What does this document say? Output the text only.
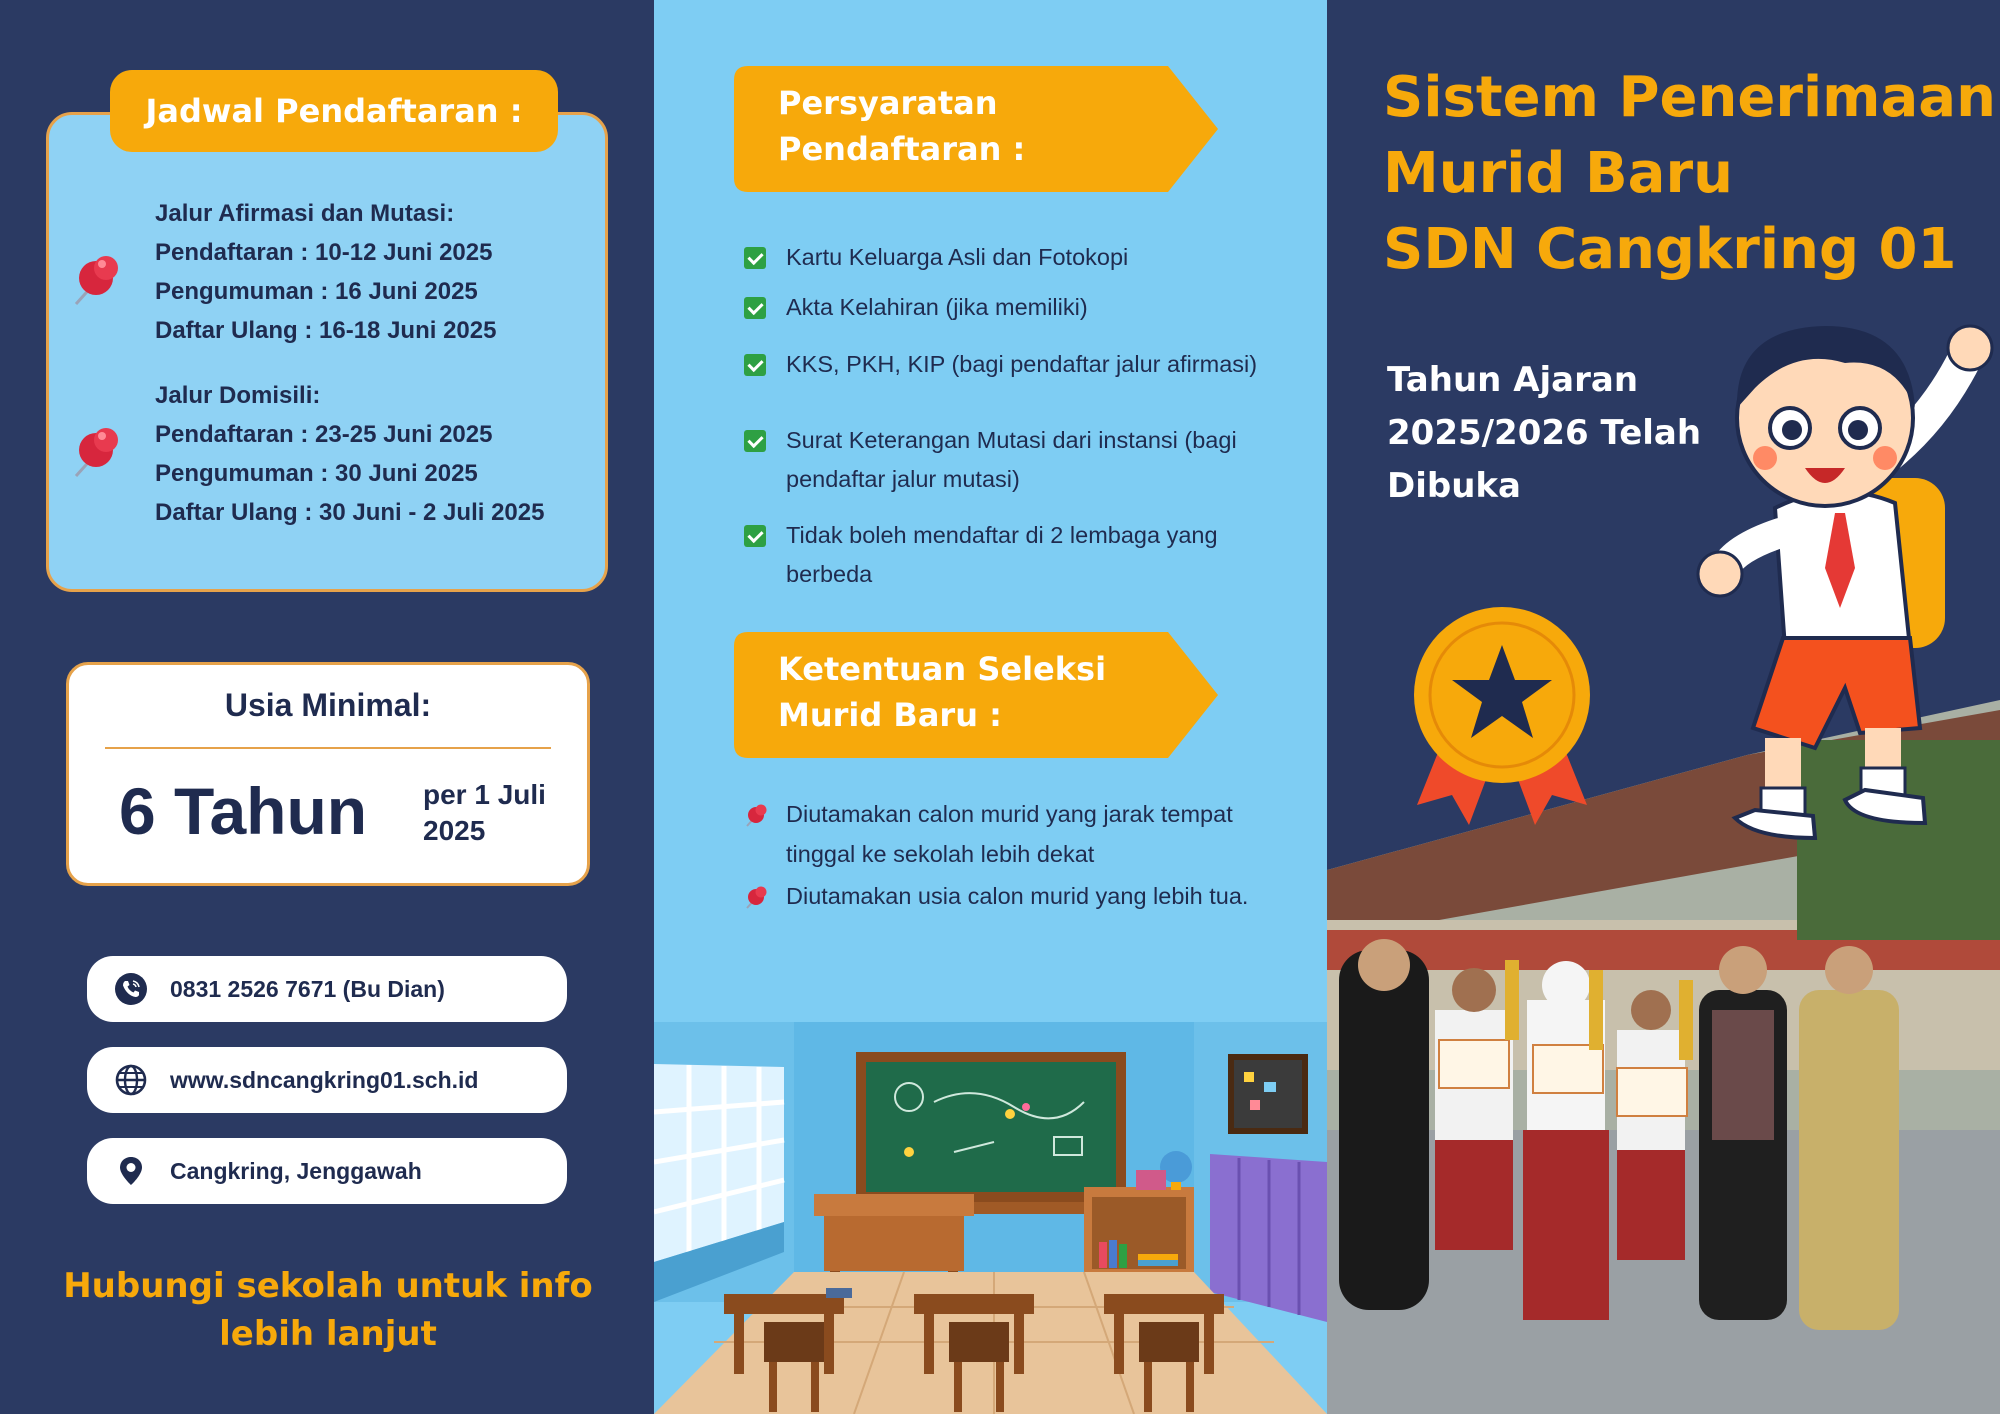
Jadwal Pendaftaran :
Jalur Afirmasi dan Mutasi:
Pendaftaran : 10-12 Juni 2025
Pengumuman : 16 Juni 2025
Daftar Ulang : 16-18 Juni 2025
Jalur Domisili:
Pendaftaran : 23-25 Juni 2025
Pengumuman : 30 Juni 2025
Daftar Ulang : 30 Juni - 2 Juli 2025
Usia Minimal:
6 Tahun per 1 Juli 2025
0831 2526 7671 (Bu Dian)
www.sdncangkring01.sch.id
Cangkring, Jenggawah
Hubungi sekolah untuk info lebih lanjut
Persyaratan Pendaftaran :
Kartu Keluarga Asli dan Fotokopi
Akta Kelahiran (jika memiliki)
KKS, PKH, KIP (bagi pendaftar jalur afirmasi)
Surat Keterangan Mutasi dari instansi (bagi pendaftar jalur mutasi)
Tidak boleh mendaftar di 2 lembaga yang berbeda
Ketentuan Seleksi Murid Baru :
Diutamakan calon murid yang jarak tempat tinggal ke sekolah lebih dekat
Diutamakan usia calon murid yang lebih tua.
Sistem Penerimaan
Murid Baru
SDN Cangkring 01
Tahun Ajaran 2025/2026 Telah Dibuka
